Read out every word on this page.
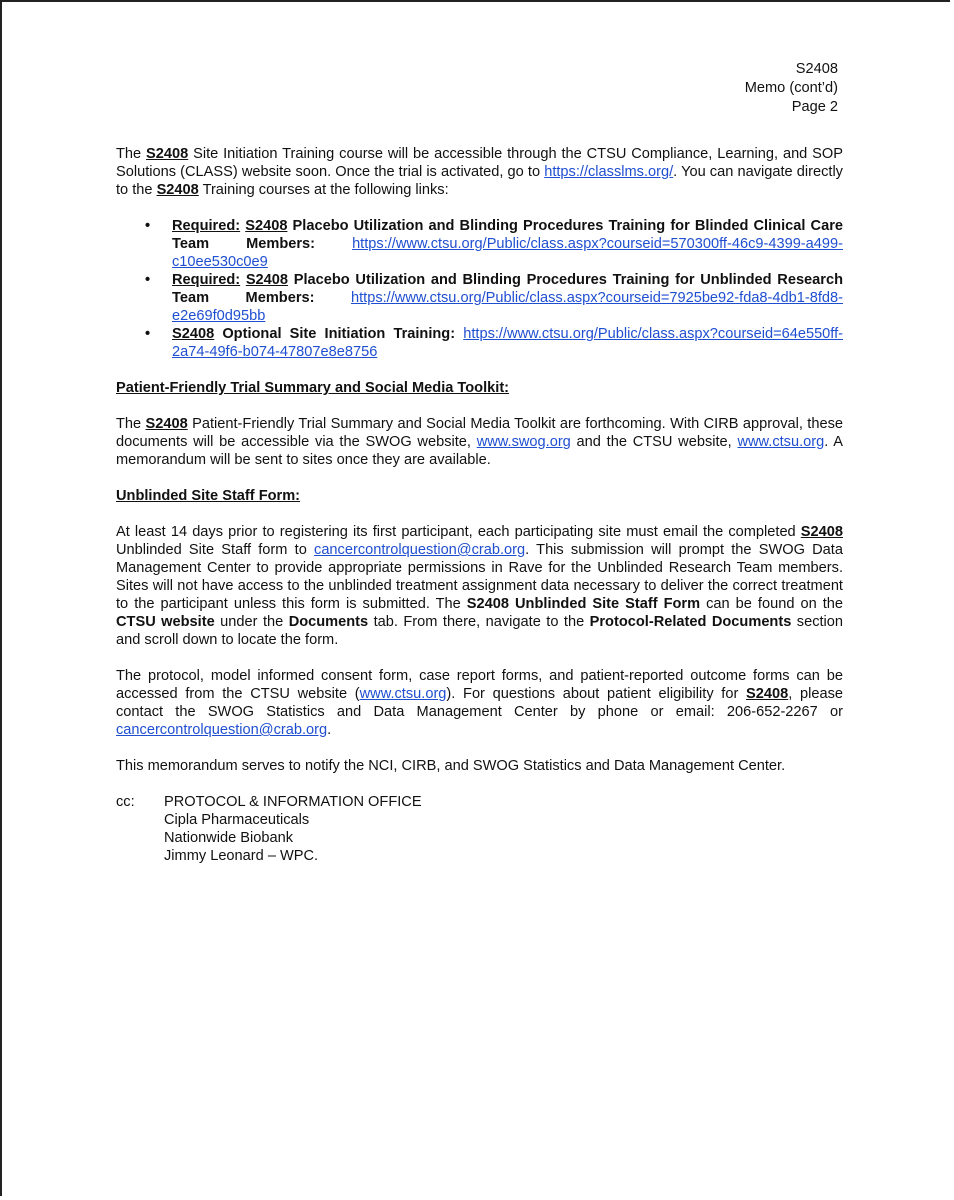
S2408
Memo (cont’d)
Page 2

The S2408 Site Initiation Training course will be accessible through the CTSU Compliance, Learning, and SOP Solutions (CLASS) website soon. Once the trial is activated, go to https://classlms.org/. You can navigate directly to the S2408 Training courses at the following links:

• Required: S2408 Placebo Utilization and Blinding Procedures Training for Blinded Clinical Care Team Members:	https://www.ctsu.org/Public/class.aspx?courseid=570300ff-46c9-4399-a499-c10ee530c0e9
• Required: S2408 Placebo Utilization and Blinding Procedures Training for Unblinded Research Team Members:	https://www.ctsu.org/Public/class.aspx?courseid=7925be92-fda8-4db1-8fd8-e2e69f0d95bb
• S2408 Optional Site Initiation Training: https://www.ctsu.org/Public/class.aspx?courseid=64e550ff-2a74-49f6-b074-47807e8e8756
Patient-Friendly Trial Summary and Social Media Toolkit:

The S2408 Patient-Friendly Trial Summary and Social Media Toolkit are forthcoming. With CIRB approval, these documents will be accessible via the SWOG website, www.swog.org and the CTSU website, www.ctsu.org. A memorandum will be sent to sites once they are available.

Unblinded Site Staff Form:

At least 14 days prior to registering its first participant, each participating site must email the completed S2408 Unblinded Site Staff form to cancercontrolquestion@crab.org. This submission will prompt the SWOG Data Management Center to provide appropriate permissions in Rave for the Unblinded Research Team members. Sites will not have access to the unblinded treatment assignment data necessary to deliver the correct treatment to the participant unless this form is submitted. The S2408 Unblinded Site Staff Form can be found on the CTSU website under the Documents tab. From there, navigate to the Protocol-Related Documents section and scroll down to locate the form.

The protocol, model informed consent form, case report forms, and patient-reported outcome forms can be accessed from the CTSU website (www.ctsu.org). For questions about patient eligibility for S2408, please contact the SWOG Statistics and Data Management Center by phone or email: 206-652-2267 or cancercontrolquestion@crab.org.

This memorandum serves to notify the NCI, CIRB, and SWOG Statistics and Data Management Center.

cc:	PROTOCOL & INFORMATION OFFICE
Cipla Pharmaceuticals
Nationwide Biobank
Jimmy Leonard – WPC.
